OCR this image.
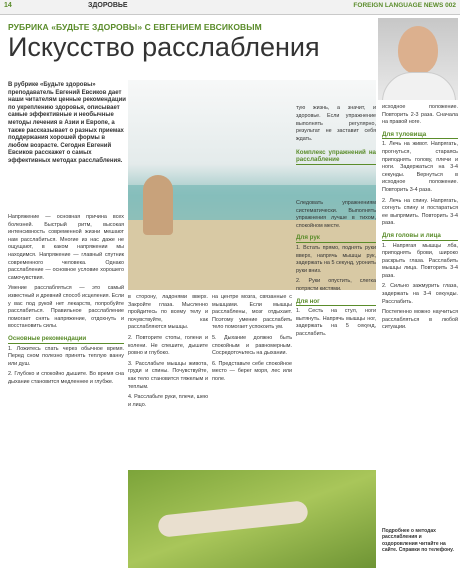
14	ЗДОРОВЬЕ	FOREIGN LANGUAGE NEWS 002
РУБРИКА «БУДЬТЕ ЗДОРОВЫ» С ЕВГЕНИЕМ ЕВСИКОВЫМ
Искусство расслабления
В рубрике «Будьте здоровы» преподаватель Евгений Евсиков дает наши читателям ценные рекомендации по укреплению здоровья, описывает самые эффективные и необычные методы лечения в Азии и Европе, а также рассказывает о разных приемах поддержания хорошей формы в любом возрасте. Сегодня Евгений Евсиков расскажет о самых эффективных методах расслабления.

Напряжение — основная причина всех болезней. Быстрый ритм, высокая интенсивность современной жизни мешают нам расслабиться. Многие из нас даже не ощущают, в каком напряжении мы находимся. Напряжение — главный спутник современного человека. Однако расслабление — основное условие хорошего самочувствия.

Умение расслабляться — это самый известный и древний способ исцеления. Если у вас под рукой нет лекарств, попробуйте расслабиться. Правильное расслабление помогает снять напряжение, отдохнуть и восстановить силы.

Основные рекомендации

1. Ложитесь спать через обычное время. Перед сном полезно принять теплую ванну или душ.

2. Глубоко и спокойно дышите. Во время сна дыхание становится медленнее и глубже.

в сторону, ладонями вверх. Закройте глаза. Мысленно пройдитесь по всему телу и почувствуйте, как расслабляются мышцы.

2. Повторите стопы, голени и колени. Не спешите, дышите ровно и глубоко.

3. Расслабьте мышцы живота, груди и спины. Почувствуйте, как тело становится тяжелым и теплым.

4. Расслабьте руки, плечи, шею и лицо.

на центре мозга, связанные с мышцами. Если мышцы расслаблены, мозг отдыхает. Поэтому умение расслабить тело помогает успокоить ум.

5. Дыхание должно быть спокойным и равномерным. Сосредоточьтесь на дыхании.

6. Представьте себе спокойное место — берег моря, лес или поле.

тую жизнь, а значит, и здоровье. Если упражнение выполнять регулярно, результат не заставит себя ждать.

Комплекс упражнений на расслабление

Следовать упражнениям систематически. Выполнять упражнения лучше в тихом, спокойном месте.

Для рук

1. Встать прямо, поднять руки вверх, напрячь мышцы рук, задержать на 5 секунд, уронить руки вниз.

2. Руки опустить, слегка потрясти кистями.

Для ног

1. Сесть на стул, ноги вытянуть. Напрячь мышцы ног, задержать на 5 секунд, расслабить.

исходное положение. Повторить 2-3 раза. Сначала на правой ноге.

Для туловища

1. Лечь на живот. Напрягать, прогнуться, стараясь приподнять голову, плечи и ноги. Задержаться на 3-4 секунды. Вернуться в исходное положение. Повторить 3-4 раза.

2. Лечь на спину. Напрягать, согнуть спину и постараться ее выпрямить. Повторить 3-4 раза.

Для головы и лица

1. Напрягая мышцы лба, приподнять брови, широко раскрыть глаза. Расслабить мышцы лица. Повторить 3-4 раза.

2. Сильно зажмурить глаза, задержать на 3-4 секунды. Расслабить.

Постепенно можно научиться расслабляться в любой ситуации.

Подробнее о методах расслабления и оздоровления читайте на сайте. Справки по телефону.
